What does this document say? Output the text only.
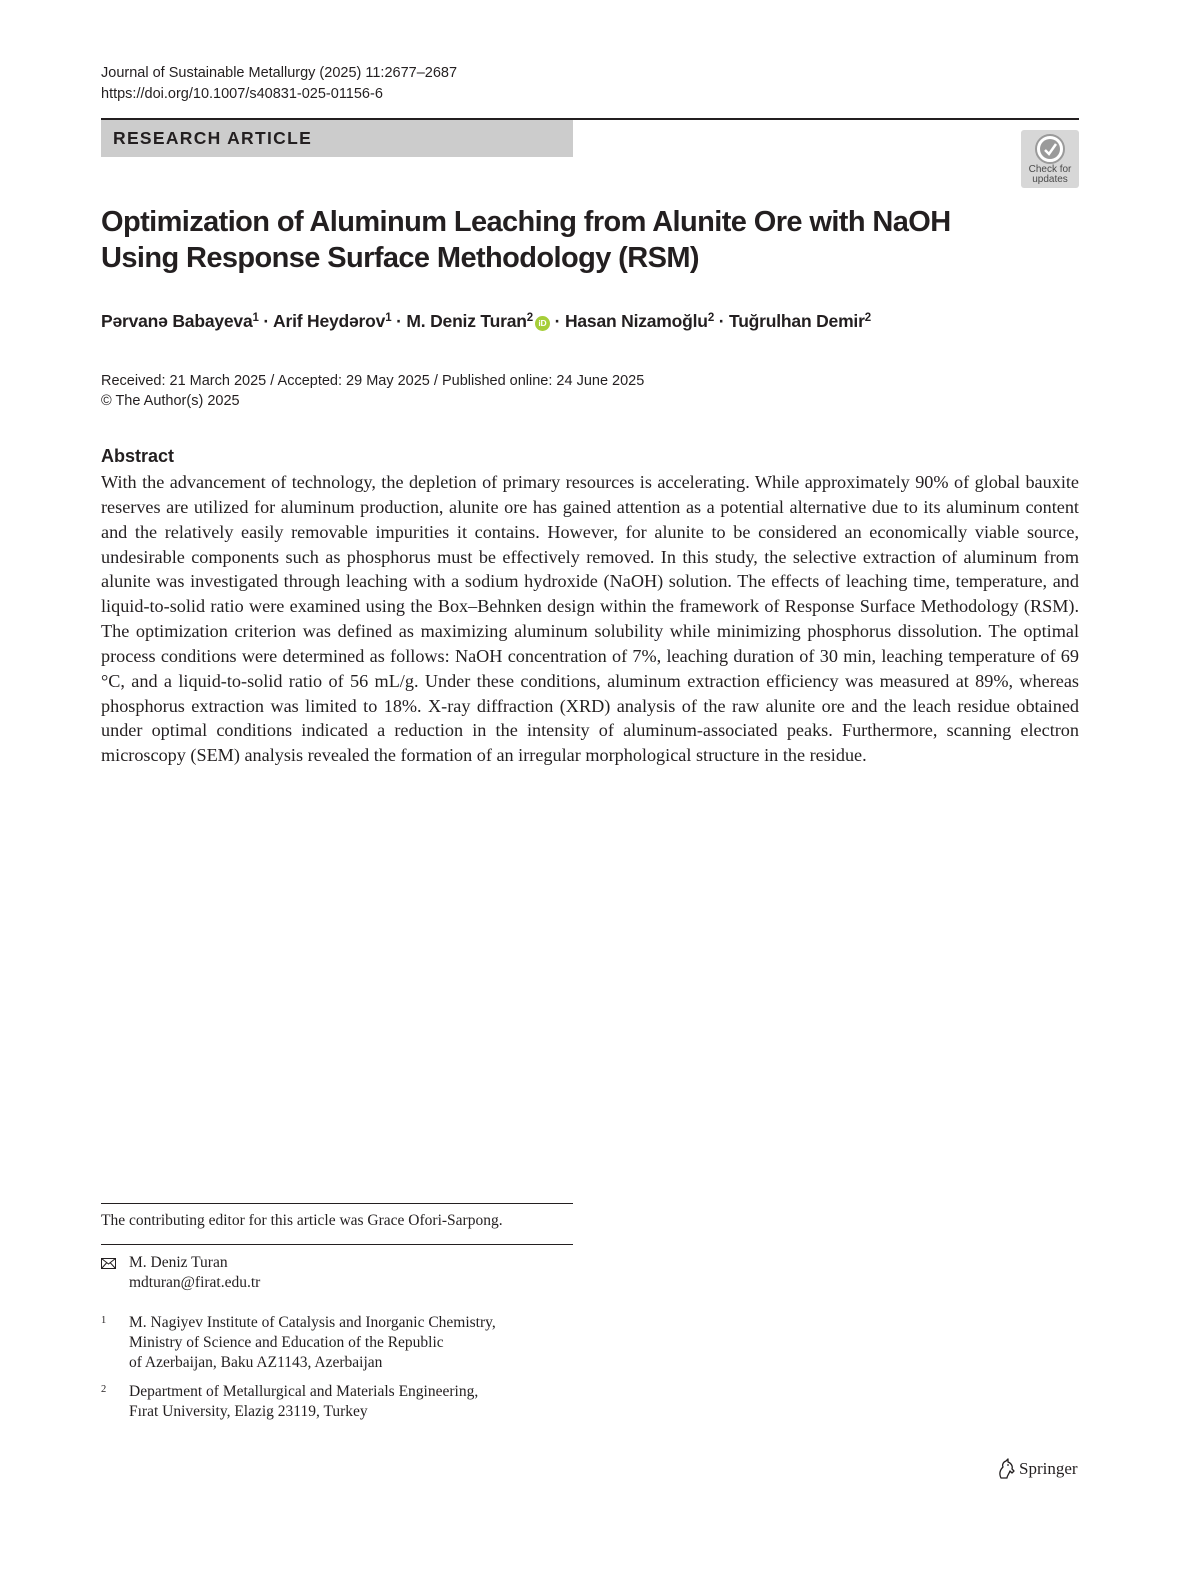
Journal of Sustainable Metallurgy (2025) 11:2677–2687
https://doi.org/10.1007/s40831-025-01156-6
RESEARCH ARTICLE
Check for
updates
Optimization of Aluminum Leaching from Alunite Ore with NaOH
Using Response Surface Methodology (RSM)
Pərvanə Babayeva$^1$ · Arif Heydərov$^1$ · M. Deniz Turan$^2$ iD · Hasan Nizamoğlu$^2$ · Tuğrulhan Demir$^2$
Received: 21 March 2025 / Accepted: 29 May 2025 / Published online: 24 June 2025
© The Author(s) 2025
Abstract

With the advancement of technology, the depletion of primary resources is accelerating. While approximately 90% of global bauxite reserves are utilized for aluminum production, alunite ore has gained attention as a potential alternative due to its aluminum content and the relatively easily removable impurities it contains. However, for alunite to be considered an economically viable source, undesirable components such as phosphorus must be effectively removed. In this study, the selective extraction of aluminum from alunite was investigated through leaching with a sodium hydroxide (NaOH) solution. The effects of leaching time, temperature, and liquid-to-solid ratio were examined using the Box–Behnken design within the framework of Response Surface Methodology (RSM). The optimization criterion was defined as maximizing aluminum solubility while minimizing phosphorus dissolution. The optimal process conditions were determined as follows: NaOH concentration of 7%, leaching duration of 30 min, leaching temperature of 69 °C, and a liquid-to-solid ratio of 56 mL/g. Under these conditions, aluminum extraction efficiency was measured at 89%, whereas phosphorus extraction was limited to 18%. X-ray diffraction (XRD) analysis of the raw alunite ore and the leach residue obtained under optimal conditions indicated a reduction in the intensity of aluminum-associated peaks. Furthermore, scanning electron microscopy (SEM) analysis revealed the formation of an irregular morphological structure in the residue.

The contributing editor for this article was Grace Ofori-Sarpong.
M. Deniz Turan
mdturan@firat.edu.tr
1 M. Nagiyev Institute of Catalysis and Inorganic Chemistry,
Ministry of Science and Education of the Republic
of Azerbaijan, Baku AZ1143, Azerbaijan
2 Department of Metallurgical and Materials Engineering,
Fırat University, Elazig 23119, Turkey
Springer
